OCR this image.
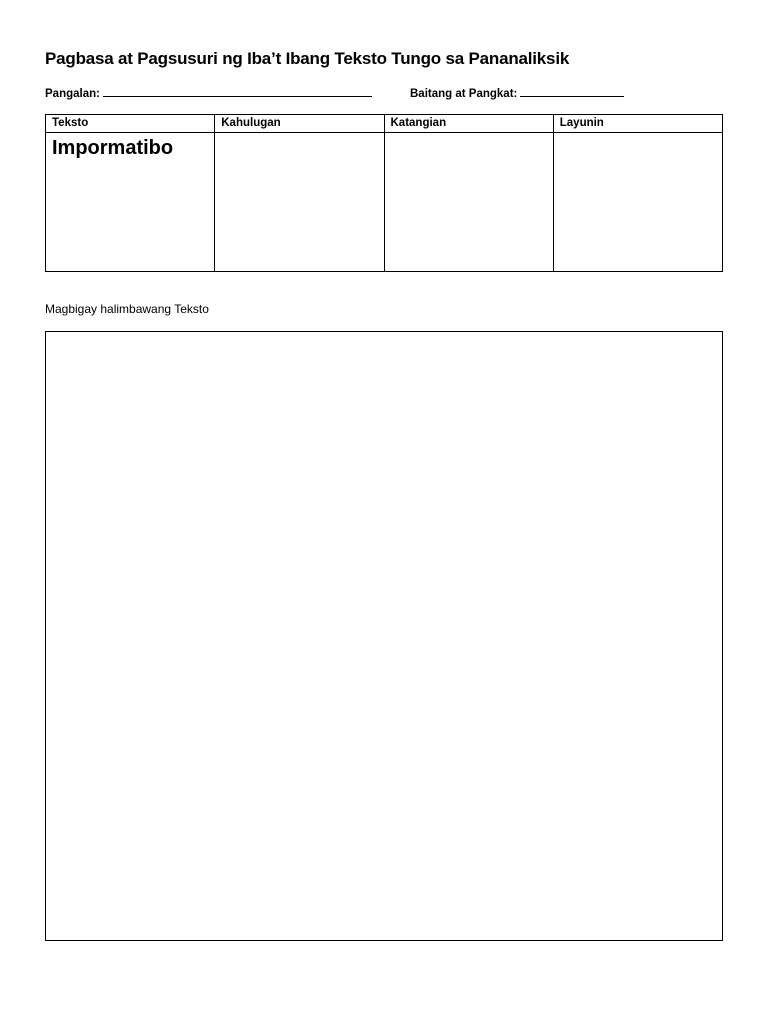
Pagbasa at Pagsusuri ng Iba’t Ibang Teksto Tungo sa Pananaliksik
Pangalan:	Baitang at Pangkat:
Teksto	Kahulugan	Katangian	Layunin

Impormatibo			

Magbigay halimbawang Teksto
